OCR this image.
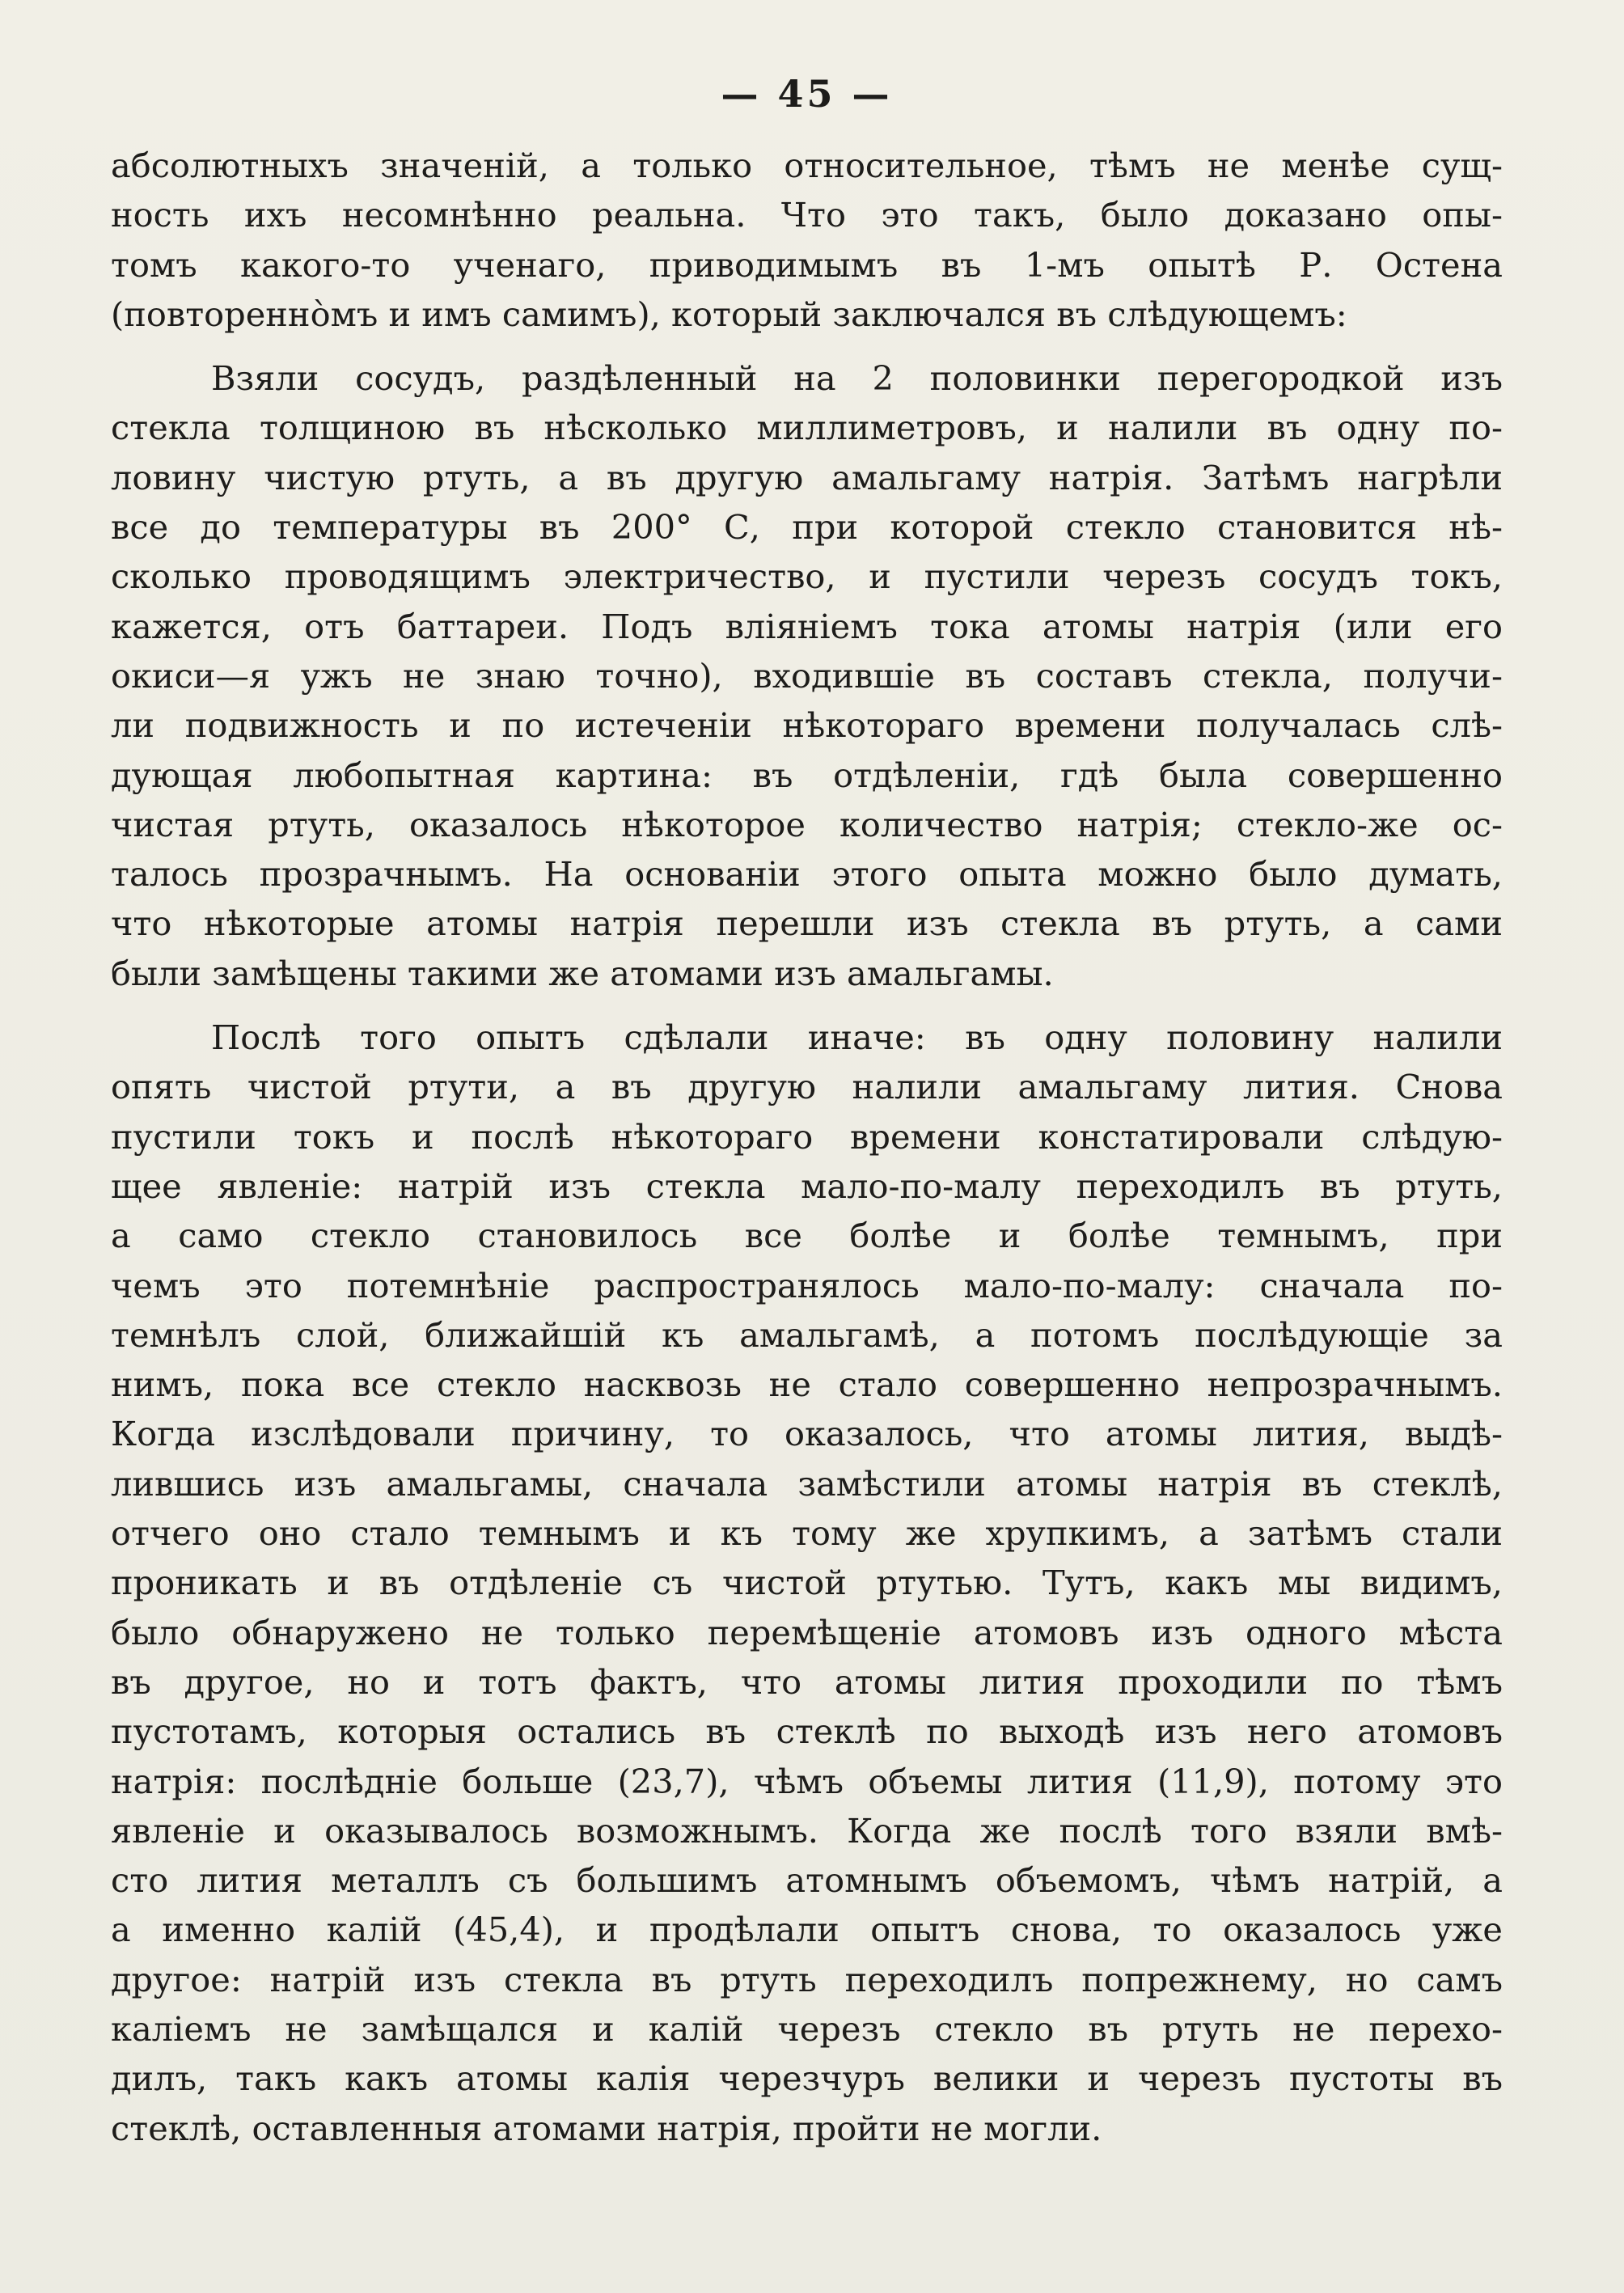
— 45 —

абсолютныхъ значенiй, а только относительное, тѣмъ не менѣе сущ-
ность ихъ несомнѣнно реальна. Что это такъ, было доказано опы-
томъ какого-то ученаго, приводимымъ въ 1-мъ опытѣ Р. Остена
(повтореннòмъ и имъ самимъ), который заключался въ слѣдующемъ:

Взяли сосудъ, раздѣленный на 2 половинки перегородкой изъ
стекла толщиною въ нѣсколько миллиметровъ, и налили въ одну по-
ловину чистую ртуть, а въ другую амальгаму натрiя. Затѣмъ нагрѣли
все до температуры въ 200° С, при которой стекло становится нѣ-
сколько проводящимъ электричество, и пустили черезъ сосудъ токъ,
кажется, отъ баттареи. Подъ влiянiемъ тока атомы натрiя (или его
окиси—я ужъ не знаю точно), входившiе въ составъ стекла, получи-
ли подвижность и по истеченiи нѣкотораго времени получалась слѣ-
дующая любопытная картина: въ отдѣленiи, гдѣ была совершенно
чистая ртуть, оказалось нѣкоторое количество натрiя; стекло-же ос-
талось прозрачнымъ. На основанiи этого опыта можно было думать,
что нѣкоторые атомы натрiя перешли изъ стекла въ ртуть, а сами
были замѣщены такими же атомами изъ амальгамы.

Послѣ того опытъ сдѣлали иначе: въ одну половину налили
опять чистой ртути, а въ другую налили амальгаму лития. Снова
пустили токъ и послѣ нѣкотораго времени констатировали слѣдую-
щее явленiе: натрiй изъ стекла мало-по-малу переходилъ въ ртуть,
а само стекло становилось все болѣе и болѣе темнымъ, при
чемъ это потемнѣнiе распространялось мало-по-малу: сначала по-
темнѣлъ слой, ближайшiй къ амальгамѣ, а потомъ послѣдующiе за
нимъ, пока все стекло насквозь не стало совершенно непрозрачнымъ.
Когда изслѣдовали причину, то оказалось, что атомы лития, выдѣ-
лившись изъ амальгамы, сначала замѣстили атомы натрiя въ стеклѣ,
отчего оно стало темнымъ и къ тому же хрупкимъ, а затѣмъ стали
проникать и въ отдѣленiе съ чистой ртутью. Тутъ, какъ мы видимъ,
было обнаружено не только перемѣщенiе атомовъ изъ одного мѣста
въ другое, но и тотъ фактъ, что атомы лития проходили по тѣмъ
пустотамъ, которыя остались въ стеклѣ по выходѣ изъ него атомовъ
натрiя: послѣднiе больше (23,7), чѣмъ объемы лития (11,9), потому это
явленiе и оказывалось возможнымъ. Когда же послѣ того взяли вмѣ-
сто лития металлъ съ большимъ атомнымъ объемомъ, чѣмъ натрiй, а
а именно калiй (45,4), и продѣлали опытъ снова, то оказалось уже
другое: натрiй изъ стекла въ ртуть переходилъ попрежнему, но самъ
калiемъ не замѣщался и калiй черезъ стекло въ ртуть не перехо-
дилъ, такъ какъ атомы калiя черезчуръ велики и черезъ пустоты въ
стеклѣ, оставленныя атомами натрiя, пройти не могли.
